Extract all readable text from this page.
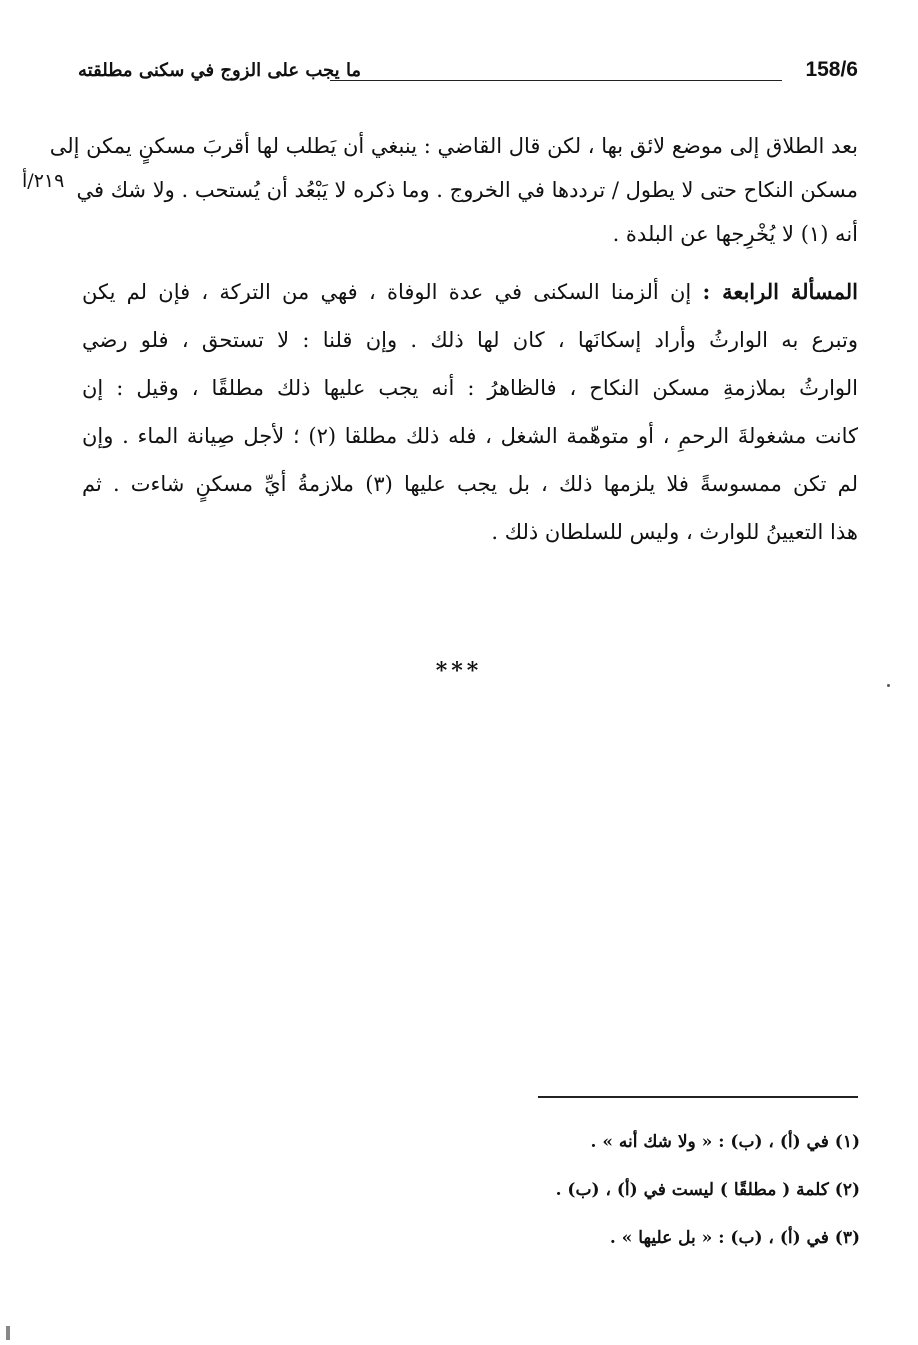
158/6
ما يجب على الزوج في سكنى مطلقته
بعد الطلاق إلى موضع لائق بها ، لكن قال القاضي : ينبغي أن يَطلب لها أقربَ مسكنٍ يمكن إلى
مسكن النكاح حتى لا يطول / ترددها في الخروج . وما ذكره لا يَبْعُد أن يُستحب . ولا شك في
أنه (١) لا يُخْرِجها عن البلدة .
٢١٩/أ
المسألة الرابعة : إن ألزمنا السكنى في عدة الوفاة ، فهي من التركة ، فإن لم يكن
وتبرع به الوارثُ وأراد إسكانَها ، كان لها ذلك . وإن قلنا : لا تستحق ، فلو رضي
الوارثُ بملازمةِ مسكن النكاح ، فالظاهرُ : أنه يجب عليها ذلك مطلقًا ، وقيل : إن
كانت مشغولةَ الرحمِ ، أو متوهّمة الشغل ، فله ذلك مطلقا (٢) ؛ لأجل صِيانة الماء . وإن
لم تكن ممسوسةً فلا يلزمها ذلك ، بل يجب عليها (٣) ملازمةُ أيِّ مسكنٍ شاءت . ثم
هذا التعيينُ للوارث ، وليس للسلطان ذلك .
***
(١) في (أ) ، (ب) : « ولا شك أنه » .
(٢) كلمة ( مطلقًا ) ليست في (أ) ، (ب) .
(٣) في (أ) ، (ب) : « بل عليها » .
